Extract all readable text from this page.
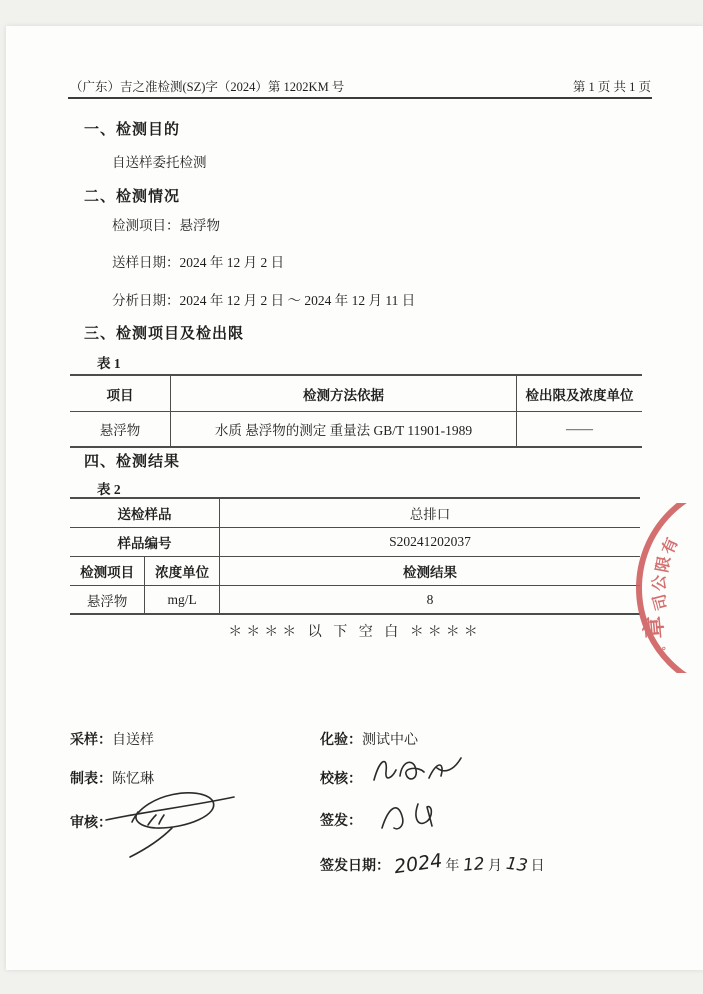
（广东）吉之准检测(SZ)字（2024）第 1202KM 号	第 1 页 共 1 页
一、检测目的
自送样委托检测
二、检测情况
检测项目：悬浮物
送样日期：2024 年 12 月 2 日
分析日期：2024 年 12 月 2 日 ～ 2024 年 12 月 11 日
三、检测项目及检出限
表 1
项目	检测方法依据	检出限及浓度单位
悬浮物	水质 悬浮物的测定 重量法 GB/T 11901-1989	——
四、检测结果
表 2
送检样品		总排口
样品编号		S20241202037
检测项目	浓度单位	检测结果
悬浮物	mg/L	8
＊＊＊＊ 以 下 空 白 ＊＊＊＊
采样：自送样	化验：测试中心
制表：陈忆琳	校核：
审核：	签发：
签发日期： 2024 年 12 月 13 日
有
限
公
司
章
。
